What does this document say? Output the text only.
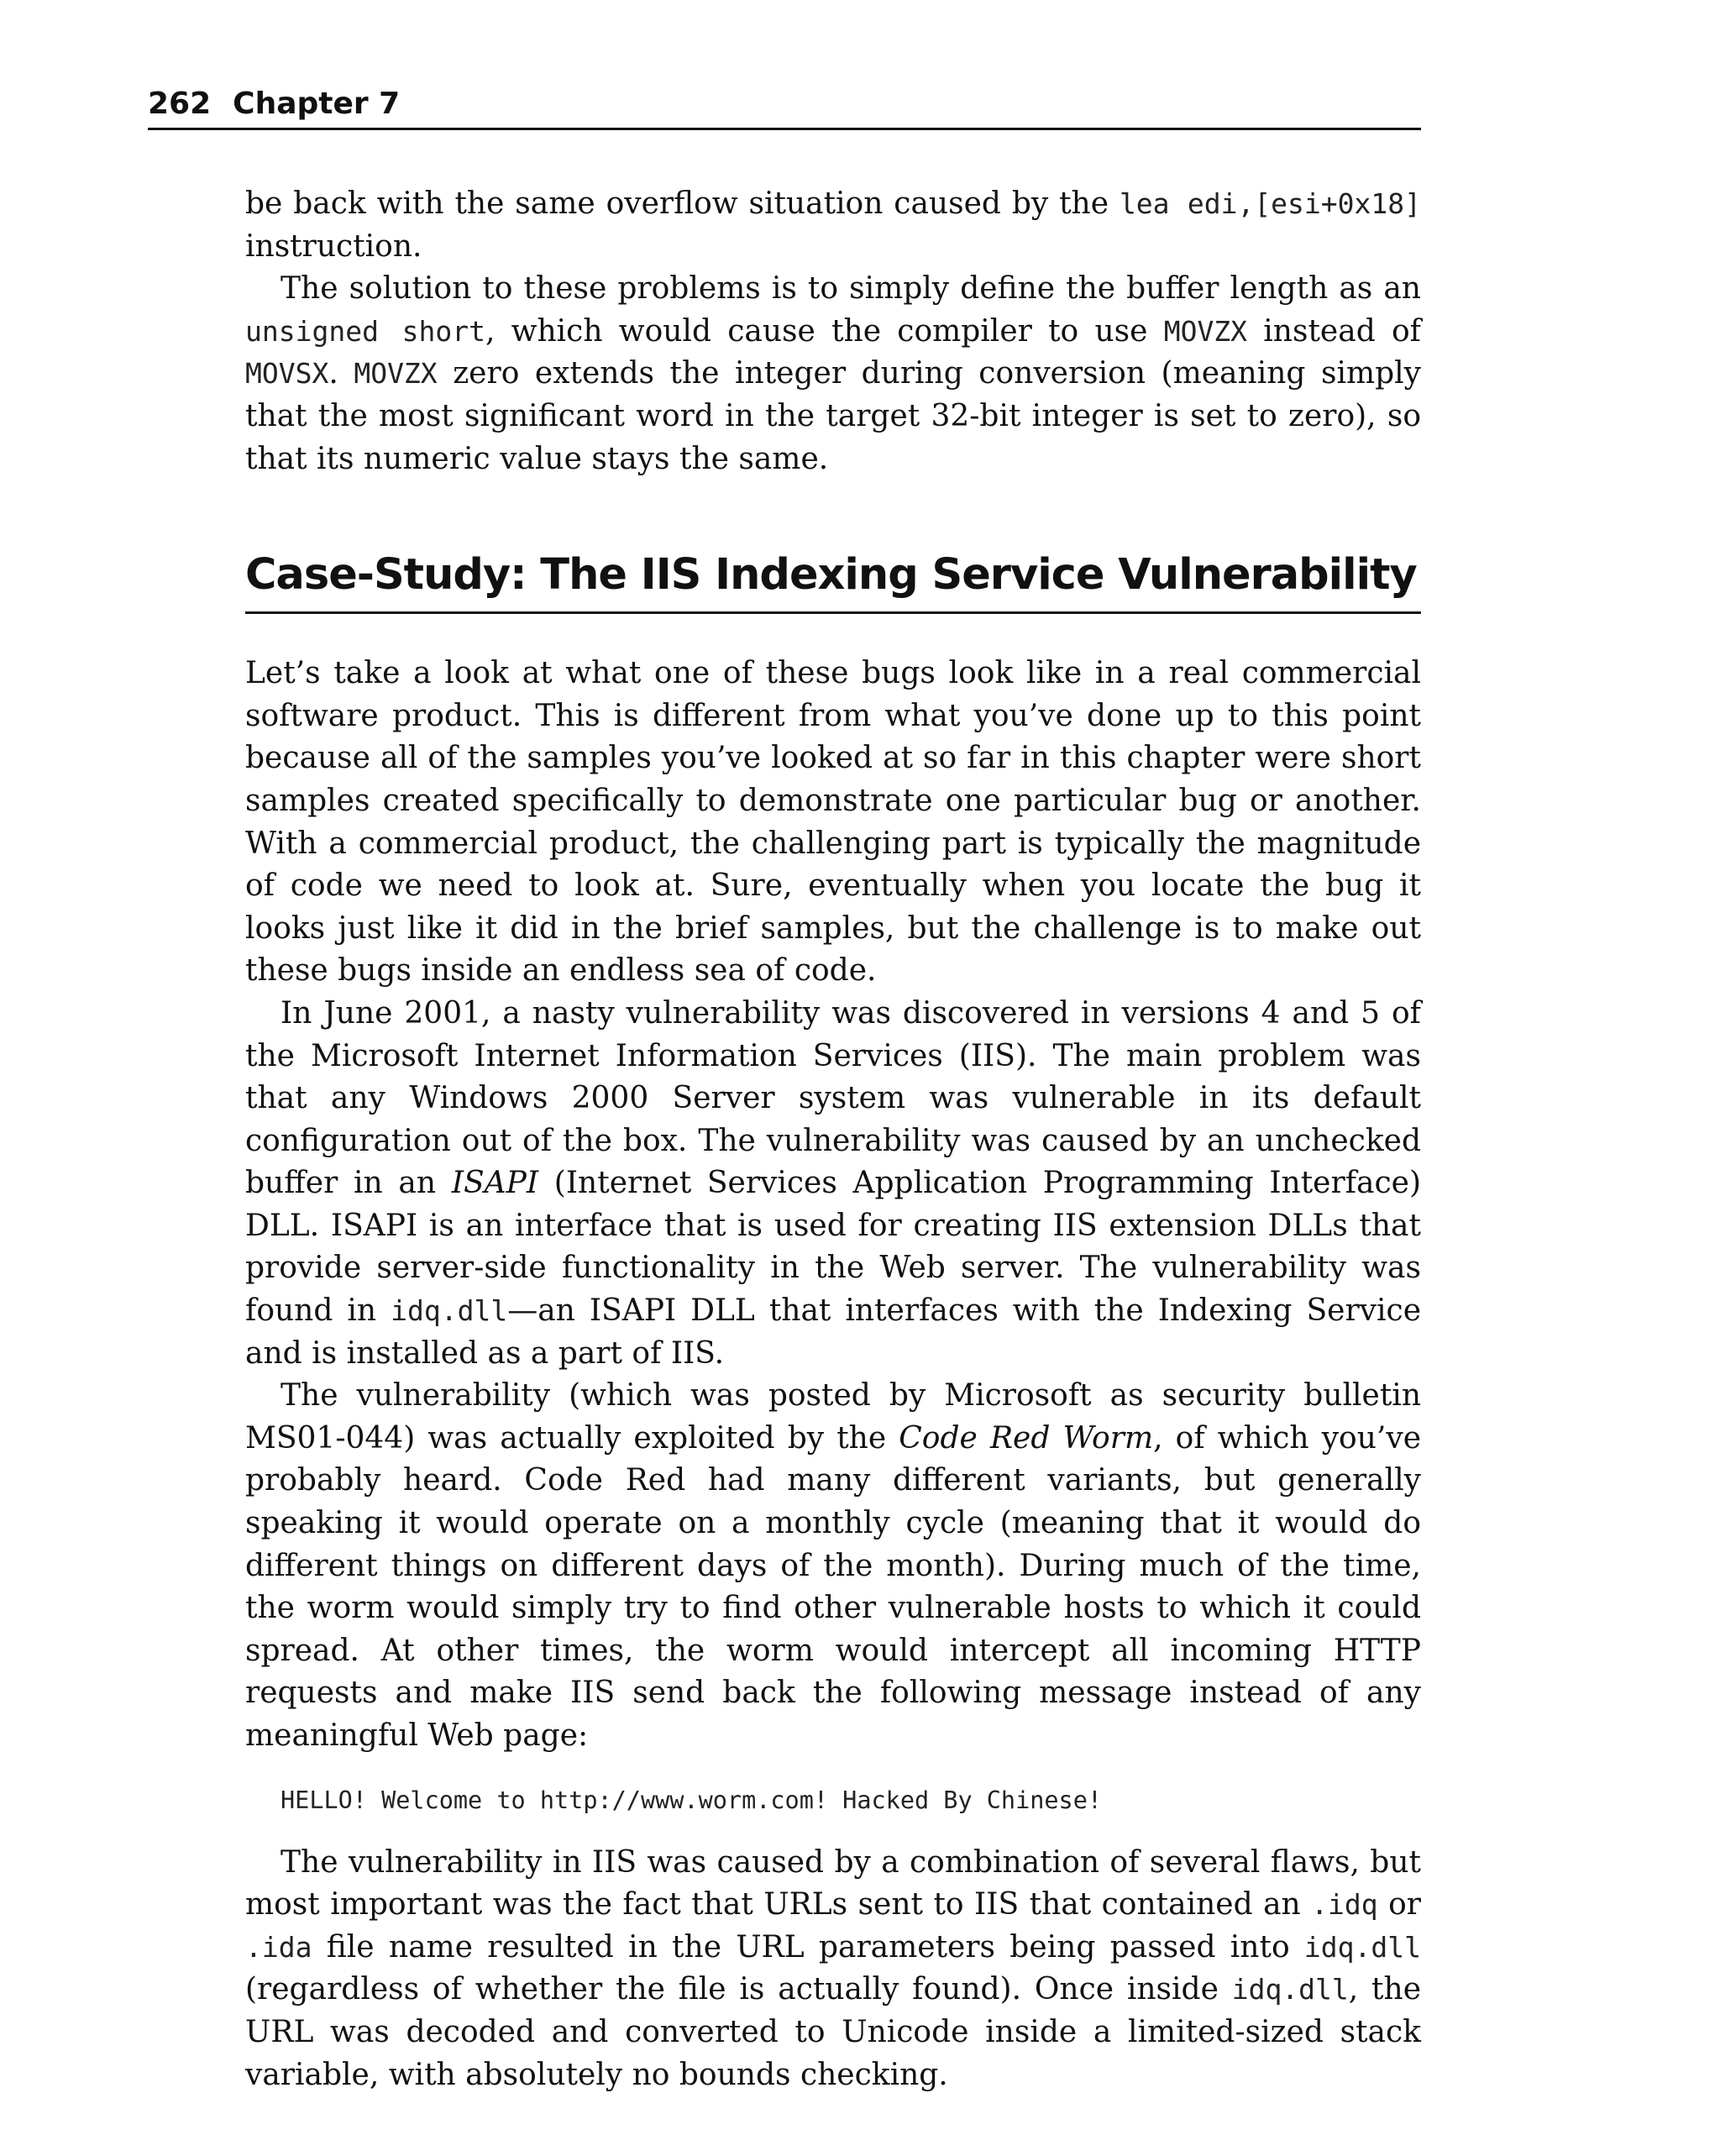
262 Chapter 7

be back with the same overflow situation caused by the lea edi,[esi+0x18] instruction.

The solution to these problems is to simply define the buffer length as an unsigned short, which would cause the compiler to use MOVZX instead of MOVSX. MOVZX zero extends the integer during conversion (meaning simply that the most significant word in the target 32-bit integer is set to zero), so that its numeric value stays the same.

Case-Study: The IIS Indexing Service Vulnerability

Let’s take a look at what one of these bugs look like in a real commercial software product. This is different from what you’ve done up to this point because all of the samples you’ve looked at so far in this chapter were short samples created specifically to demonstrate one particular bug or another. With a commercial product, the challenging part is typically the magnitude of code we need to look at. Sure, eventually when you locate the bug it looks just like it did in the brief samples, but the challenge is to make out these bugs inside an endless sea of code.

In June 2001, a nasty vulnerability was discovered in versions 4 and 5 of the Microsoft Internet Information Services (IIS). The main problem was that any Windows 2000 Server system was vulnerable in its default configuration out of the box. The vulnerability was caused by an unchecked buffer in an ISAPI (Internet Services Application Programming Interface) DLL. ISAPI is an interface that is used for creating IIS extension DLLs that provide server-side functionality in the Web server. The vulnerability was found in idq.dll—an ISAPI DLL that interfaces with the Indexing Service and is installed as a part of IIS.

The vulnerability (which was posted by Microsoft as security bulletin MS01-044) was actually exploited by the Code Red Worm, of which you’ve probably heard. Code Red had many different variants, but generally speaking it would operate on a monthly cycle (meaning that it would do different things on different days of the month). During much of the time, the worm would simply try to find other vulnerable hosts to which it could spread. At other times, the worm would intercept all incoming HTTP requests and make IIS send back the following message instead of any meaningful Web page:

HELLO! Welcome to http://www.worm.com! Hacked By Chinese!

The vulnerability in IIS was caused by a combination of several flaws, but most important was the fact that URLs sent to IIS that contained an .idq or .ida file name resulted in the URL parameters being passed into idq.dll (regardless of whether the file is actually found). Once inside idq.dll, the URL was decoded and converted to Unicode inside a limited-sized stack variable, with absolutely no bounds checking.
